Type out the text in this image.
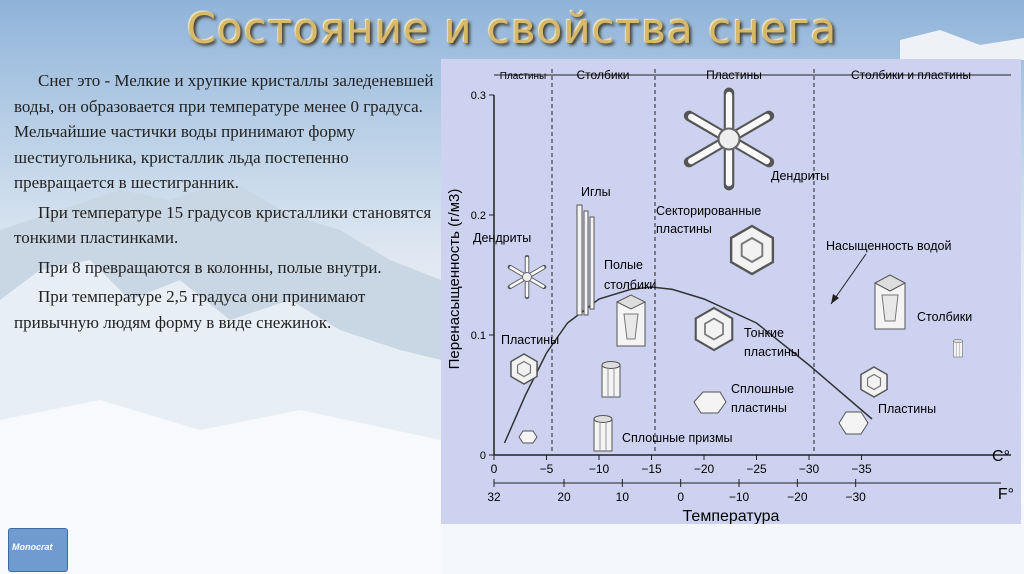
Состояние и свойства снега

Снег это - Мелкие и хрупкие кристаллы заледеневшей воды, он образовается при температуре менее 0 градуса. Мельчайшие частички воды принимают форму шестиугольника, кристаллик льда постепенно превращается в шестигранник.

При температуре 15 градусов кристаллики становятся тонкими пластинками.

При 8 превращаются в колонны, полые внутри.

При температуре 2,5 градуса они принимают привычную людям форму в виде снежинок.

Пластины	Столбики	Пластины	Столбики и пластины
0
0.1
0.2
0.3
0	−5	−10	−15	−20	−25	−30	−35
32	20	10	0	−10	−20	−30
C°
F°
Температура
Перенасыщенность (г/м3)	Насыщенность водой
Дендриты
Иглы
Полые
столбики
Пластины
Сплошные призмы
Дендриты
Секторированные
пластины
Тонкие
пластины
Сплошные
пластины
Столбики
Пластины
Monocrat
